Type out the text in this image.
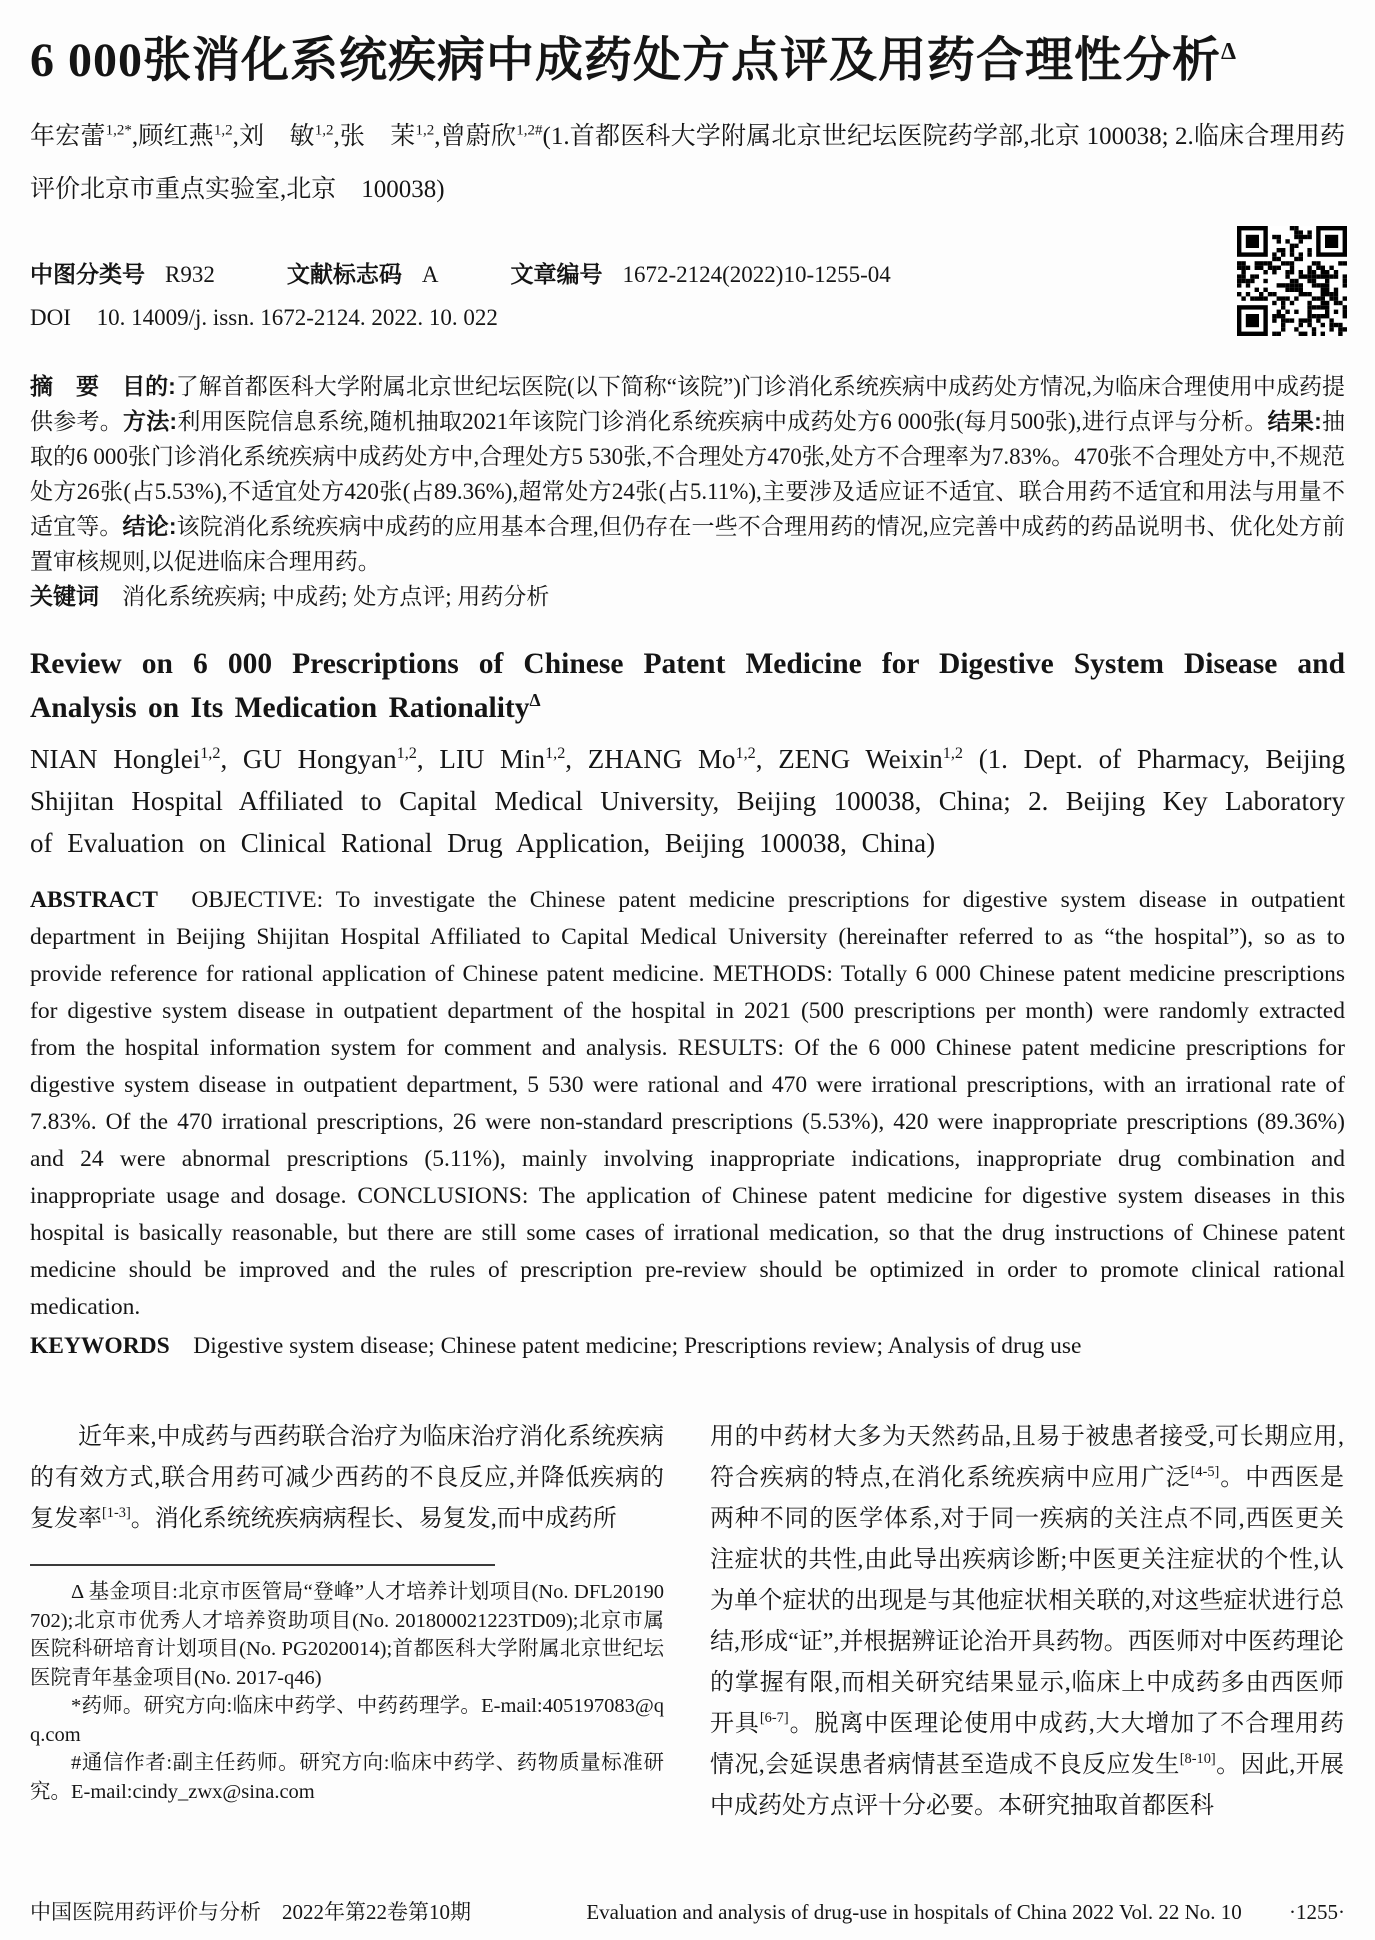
6 000张消化系统疾病中成药处方点评及用药合理性分析$^\Delta$

年宏蕾$^{1,2*}$,顾红燕$^{1,2}$,刘　敏$^{1,2}$,张　茉$^{1,2}$,曾蔚欣$^{1,2\#}$(1.首都医科大学附属北京世纪坛医院药学部,北京 100038; 2.临床合理用药评价北京市重点实验室,北京　100038)

中图分类号 R932	文献标志码 A	文章编号 1672-2124(2022)10-1255-04
DOI 10. 14009/j. issn. 1672-2124. 2022. 10. 022

摘　要　目的:了解首都医科大学附属北京世纪坛医院(以下简称“该院”)门诊消化系统疾病中成药处方情况,为临床合理使用中成药提供参考。方法:利用医院信息系统,随机抽取2021年该院门诊消化系统疾病中成药处方6 000张(每月500张),进行点评与分析。结果:抽取的6 000张门诊消化系统疾病中成药处方中,合理处方5 530张,不合理处方470张,处方不合理率为7.83%。470张不合理处方中,不规范处方26张(占5.53%),不适宜处方420张(占89.36%),超常处方24张(占5.11%),主要涉及适应证不适宜、联合用药不适宜和用法与用量不适宜等。结论:该院消化系统疾病中成药的应用基本合理,但仍存在一些不合理用药的情况,应完善中成药的药品说明书、优化处方前置审核规则,以促进临床合理用药。

关键词　消化系统疾病; 中成药; 处方点评; 用药分析

Review on 6 000 Prescriptions of Chinese Patent Medicine for Digestive System Disease and Analysis on Its Medication Rationality$^\Delta$

NIAN Honglei$^{1,2}$, GU Hongyan$^{1,2}$, LIU Min$^{1,2}$, ZHANG Mo$^{1,2}$, ZENG Weixin$^{1,2}$ (1. Dept. of Pharmacy, Beijing Shijitan Hospital Affiliated to Capital Medical University, Beijing 100038, China; 2. Beijing Key Laboratory of Evaluation on Clinical Rational Drug Application, Beijing 100038, China)

ABSTRACT　OBJECTIVE: To investigate the Chinese patent medicine prescriptions for digestive system disease in outpatient department in Beijing Shijitan Hospital Affiliated to Capital Medical University (hereinafter referred to as “the hospital”), so as to provide reference for rational application of Chinese patent medicine. METHODS: Totally 6 000 Chinese patent medicine prescriptions for digestive system disease in outpatient department of the hospital in 2021 (500 prescriptions per month) were randomly extracted from the hospital information system for comment and analysis. RESULTS: Of the 6 000 Chinese patent medicine prescriptions for digestive system disease in outpatient department, 5 530 were rational and 470 were irrational prescriptions, with an irrational rate of 7.83%. Of the 470 irrational prescriptions, 26 were non-standard prescriptions (5.53%), 420 were inappropriate prescriptions (89.36%) and 24 were abnormal prescriptions (5.11%), mainly involving inappropriate indications, inappropriate drug combination and inappropriate usage and dosage. CONCLUSIONS: The application of Chinese patent medicine for digestive system diseases in this hospital is basically reasonable, but there are still some cases of irrational medication, so that the drug instructions of Chinese patent medicine should be improved and the rules of prescription pre-review should be optimized in order to promote clinical rational medication.

KEYWORDS　Digestive system disease; Chinese patent medicine; Prescriptions review; Analysis of drug use

近年来,中成药与西药联合治疗为临床治疗消化系统疾病的有效方式,联合用药可减少西药的不良反应,并降低疾病的复发率[1-3]。消化系统统疾病病程长、易复发,而中成药所

Δ 基金项目:北京市医管局“登峰”人才培养计划项目(No. DFL20190702);北京市优秀人才培养资助项目(No. 201800021223TD09);北京市属医院科研培育计划项目(No. PG2020014);首都医科大学附属北京世纪坛医院青年基金项目(No. 2017-q46)

*药师。研究方向:临床中药学、中药药理学。E-mail:405197083@qq.com

#通信作者:副主任药师。研究方向:临床中药学、药物质量标准研究。E-mail:cindy_zwx@sina.com

用的中药材大多为天然药品,且易于被患者接受,可长期应用,符合疾病的特点,在消化系统疾病中应用广泛[4-5]。中西医是两种不同的医学体系,对于同一疾病的关注点不同,西医更关注症状的共性,由此导出疾病诊断;中医更关注症状的个性,认为单个症状的出现是与其他症状相关联的,对这些症状进行总结,形成“证”,并根据辨证论治开具药物。西医师对中医药理论的掌握有限,而相关研究结果显示,临床上中成药多由西医师开具[6-7]。脱离中医理论使用中成药,大大增加了不合理用药情况,会延误患者病情甚至造成不良反应发生[8-10]。因此,开展中成药处方点评十分必要。本研究抽取首都医科

中国医院用药评价与分析　2022年第22卷第10期	Evaluation and analysis of drug-use in hospitals of China 2022 Vol. 22 No. 10 ·1255·
